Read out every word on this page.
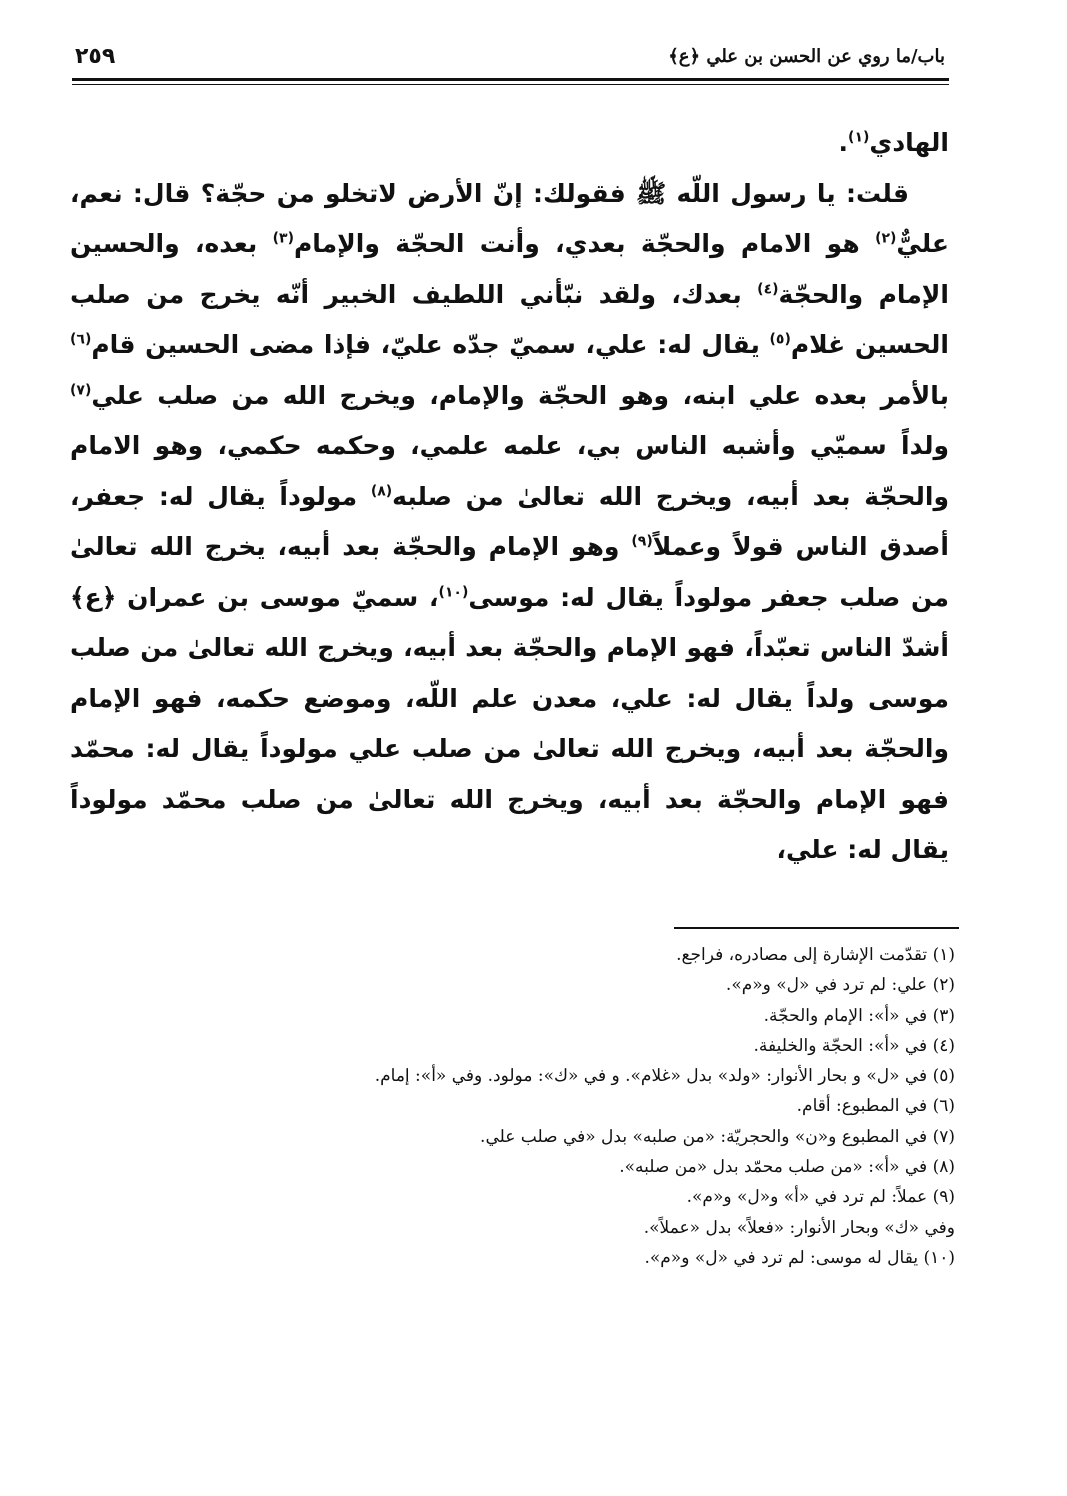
باب/ما روي عن الحسن بن علي ﴿ع﴾
٢٥٩

الهادي$^{(١)}$.

قلت: يا رسول اللّه ﷺ فقولك: إنّ الأرض لاتخلو من حجّة؟ قال: نعم، عليٌّ$^{(٢)}$ هو الامام والحجّة بعدي، وأنت الحجّة والإمام$^{(٣)}$ بعده، والحسين الإمام والحجّة$^{(٤)}$ بعدك، ولقد نبّأني اللطيف الخبير أنّه يخرج من صلب الحسين غلام$^{(٥)}$ يقال له: علي، سميّ جدّه عليّ، فإذا مضى الحسين قام$^{(٦)}$ بالأمر بعده علي ابنه، وهو الحجّة والإمام، ويخرج الله من صلب علي$^{(٧)}$ ولداً سميّي وأشبه الناس بي، علمه علمي، وحكمه حكمي، وهو الامام والحجّة بعد أبيه، ويخرج الله تعالىٰ من صلبه$^{(٨)}$ مولوداً يقال له: جعفر، أصدق الناس قولاً وعملاً$^{(٩)}$ وهو الإمام والحجّة بعد أبيه، يخرج الله تعالىٰ من صلب جعفر مولوداً يقال له: موسى$^{(١٠)}$، سميّ موسى بن عمران ﴿ع﴾ أشدّ الناس تعبّداً، فهو الإمام والحجّة بعد أبيه، ويخرج الله تعالىٰ من صلب موسى ولداً يقال له: علي، معدن علم اللّه، وموضع حكمه، فهو الإمام والحجّة بعد أبيه، ويخرج الله تعالىٰ من صلب علي مولوداً يقال له: محمّد فهو الإمام والحجّة بعد أبيه، ويخرج الله تعالىٰ من صلب محمّد مولوداً يقال له: علي،

(١) تقدّمت الإشارة إلى مصادره، فراجع.
(٢) علي: لم ترد في «ل» و«م».
(٣) في «أ»: الإمام والحجّة.
(٤) في «أ»: الحجّة والخليفة.
(٥) في «ل» و بحار الأنوار: «ولد» بدل «غلام». و في «ك»: مولود. وفي «أ»: إمام.
(٦) في المطبوع: أقام.
(٧) في المطبوع و«ن» والحجريّة: «من صلبه» بدل «في صلب علي.
(٨) في «أ»: «من صلب محمّد بدل «من صلبه».
(٩) عملاً: لم ترد في «أ» و«ل» و«م».
وفي «ك» وبحار الأنوار: «فعلاً» بدل «عملاً».
(١٠) يقال له موسى: لم ترد في «ل» و«م».
